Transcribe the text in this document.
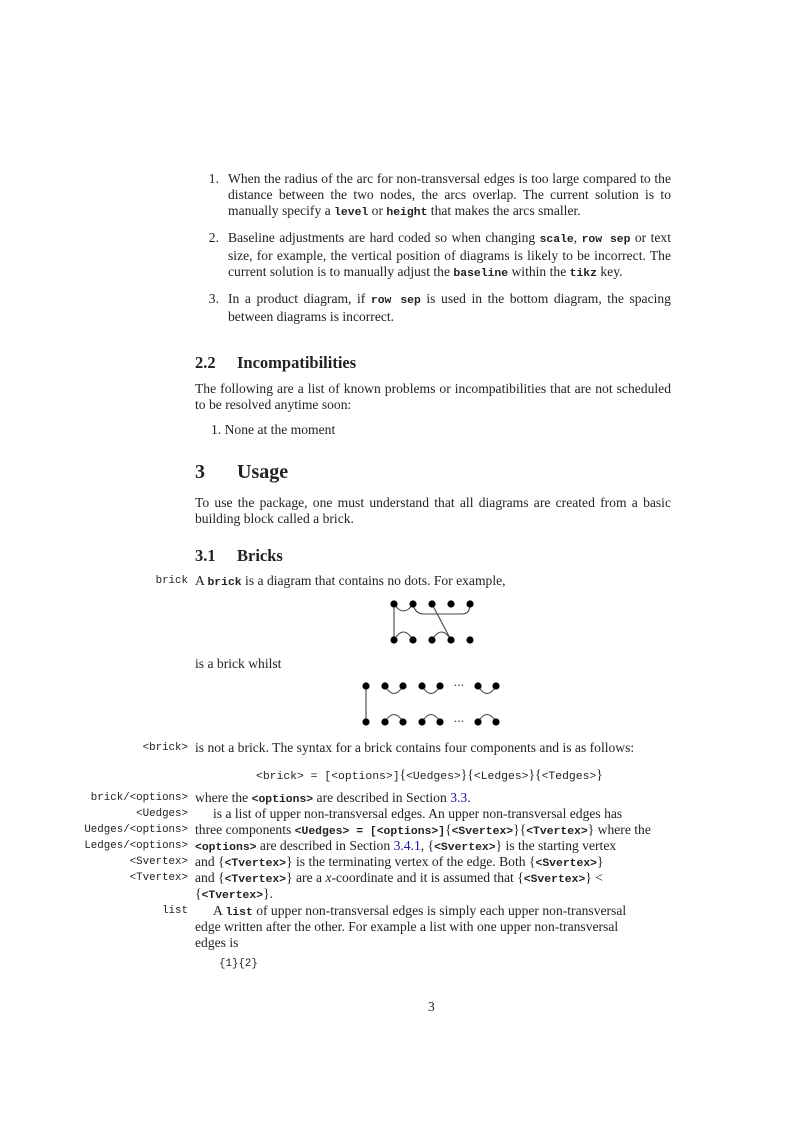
1. When the radius of the arc for non-transversal edges is too large compared to the distance between the two nodes, the arcs overlap. The current solution is to manually specify a level or height that makes the arcs smaller.
2. Baseline adjustments are hard coded so when changing scale, row sep or text size, for example, the vertical position of diagrams is likely to be incorrect. The current solution is to manually adjust the baseline within the tikz key.
3. In a product diagram, if row sep is used in the bottom diagram, the spacing between diagrams is incorrect.
2.2 Incompatibilities
The following are a list of known problems or incompatibilities that are not scheduled to be resolved anytime soon:
1. None at the moment
3 Usage
To use the package, one must understand that all diagrams are created from a basic building block called a brick.
3.1 Bricks
brick A brick is a diagram that contains no dots. For example,
is a brick whilst
···
···
<brick> is not a brick. The syntax for a brick contains four components and is as follows:
<brick> = [<options>]{<Uedges>}{<Ledges>}{<Tedges>}
brick/<options> where the <options> are described in Section 3.3.
<Uedges>
Uedges/<options>
Ledges/<options>
<Svertex>
<Tvertex>
is a list of upper non-transversal edges. An upper non-transversal edges has
three components <Uedges> = [<options>]{<Svertex>}{<Tvertex>} where the
<options> are described in Section 3.4.1, {<Svertex>} is the starting vertex
and {<Tvertex>} is the terminating vertex of the edge. Both {<Svertex>}
and {<Tvertex>} are a x-coordinate and it is assumed that {<Svertex>} <
{<Tvertex>}.
list	A list of upper non-transversal edges is simply each upper non-transversal
edge written after the other. For example a list with one upper non-transversal
edges is
{1}{2}
3
